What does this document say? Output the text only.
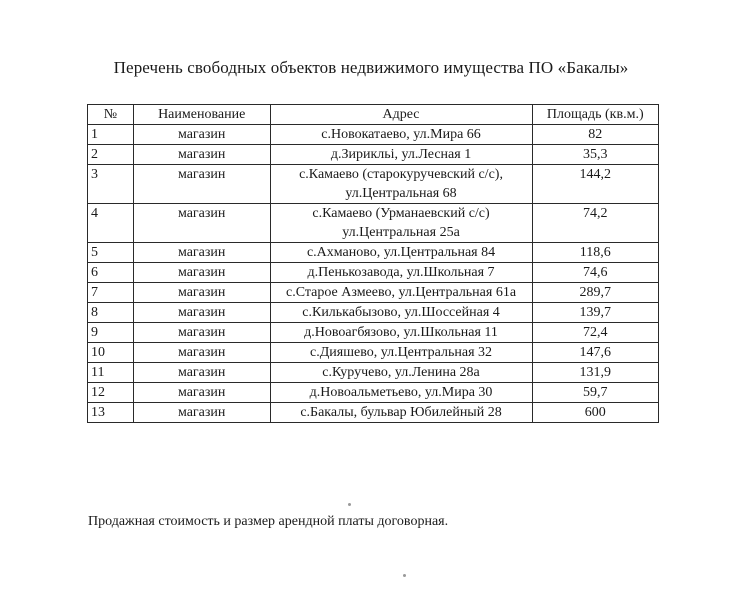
Перечень свободных объектов недвижимого имущества ПО «Бакалы»
№	Наименование	Адрес	Площадь (кв.м.)
1	магазин	с.Новокатаево, ул.Мира 66	82
2	магазин	д.Зирикльі, ул.Лесная 1	35,3
3	магазин	с.Камаево (старокуручевский с/с), ул.Центральная 68	144,2
4	магазин	с.Камаево (Урманаевский с/с) ул.Центральная 25а	74,2
5	магазин	с.Ахманово, ул.Центральная 84	118,6
6	магазин	д.Пенькозавода, ул.Школьная 7	74,6
7	магазин	с.Старое Азмеево, ул.Центральная 61а	289,7
8	магазин	с.Килькабызово, ул.Шоссейная 4	139,7
9	магазин	д.Новоагбязово, ул.Школьная 11	72,4
10	магазин	с.Дияшево, ул.Центральная 32	147,6
11	магазин	с.Куручево, ул.Ленина 28а	131,9
12	магазин	д.Новоальметьево, ул.Мира 30	59,7
13	магазин	с.Бакалы, бульвар Юбилейный 28	600
Продажная стоимость и размер арендной платы договорная.
